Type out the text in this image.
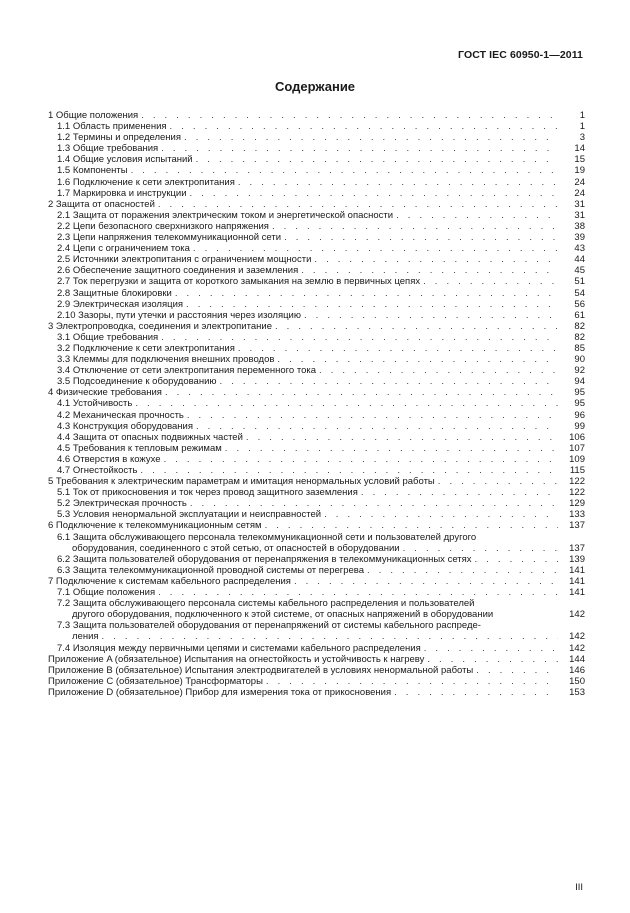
ГОСТ IEC 60950-1—2011
Содержание
1 Общие положения . . .	1
1.1 Область применения . . .	1
1.2 Термины и определения . . .	3
1.3 Общие требования . . .	14
1.4 Общие условия испытаний . . .	15
1.5 Компоненты . . .	19
1.6 Подключение к сети электропитания . . .	24
1.7 Маркировка и инструкции . . .	24
2 Защита от опасностей . . .	31
2.1 Защита от поражения электрическим током и энергетической опасности . . .	31
2.2 Цепи безопасного сверхнизкого напряжения . . .	38
2.3 Цепи напряжения телекоммуникационной сети . . .	39
2.4 Цепи с ограничением тока . . .	43
2.5 Источники электропитания с ограничением мощности . . .	44
2.6 Обеспечение защитного соединения и заземления . . .	45
2.7 Ток перегрузки и защита от короткого замыкания на землю в первичных цепях . . .	51
2.8 Защитные блокировки . . .	54
2.9 Электрическая изоляция . . .	56
2.10 Зазоры, пути утечки и расстояния через изоляцию . . .	61
3 Электропроводка, соединения и электропитание . . .	82
3.1 Общие требования . . .	82
3.2 Подключение к сети электропитания . . .	85
3.3 Клеммы для подключения внешних проводов . . .	90
3.4 Отключение от сети электропитания переменного тока . . .	92
3.5 Подсоединение к оборудованию . . .	94
4 Физические требования . . .	95
4.1 Устойчивость . . .	95
4.2 Механическая прочность . . .	96
4.3 Конструкция оборудования . . .	99
4.4 Защита от опасных подвижных частей . . .	106
4.5 Требования к тепловым режимам . . .	107
4.6 Отверстия в кожухе . . .	109
4.7 Огнестойкость . . .	115
5 Требования к электрическим параметрам и имитация ненормальных условий работы . . .	122
5.1 Ток от прикосновения и ток через провод защитного заземления . . .	122
5.2 Электрическая прочность . . .	129
5.3 Условия ненормальной эксплуатации и неисправностей . . .	133
6 Подключение к телекоммуникационным сетям . . .	137
6.1 Защита обслуживающего персонала телекоммуникационной сети и пользователей другого
оборудования, соединенного с этой сетью, от опасностей в оборудовании . . .	137
6.2 Защита пользователей оборудования от перенапряжения в телекоммуникационных сетях . . .	139
6.3 Защита телекоммуникационной проводной системы от перегрева . . .	141
7 Подключение к системам кабельного распределения . . .	141
7.1 Общие положения . . .	141
7.2 Защита обслуживающего персонала системы кабельного распределения и пользователей
другого оборудования, подключенного к этой системе, от опасных напряжений в оборудовании	142
7.3 Защита пользователей оборудования от перенапряжений от системы кабельного распреде-
ления . . .	142
7.4 Изоляция между первичными цепями и системами кабельного распределения . . .	142
Приложение A (обязательное) Испытания на огнестойкость и устойчивость к нагреву . . .	144
Приложение B (обязательное) Испытания электродвигателей в условиях ненормальной работы . . .	146
Приложение C (обязательное) Трансформаторы . . .	150
Приложение D (обязательное) Прибор для измерения тока от прикосновения . . .	153
III
